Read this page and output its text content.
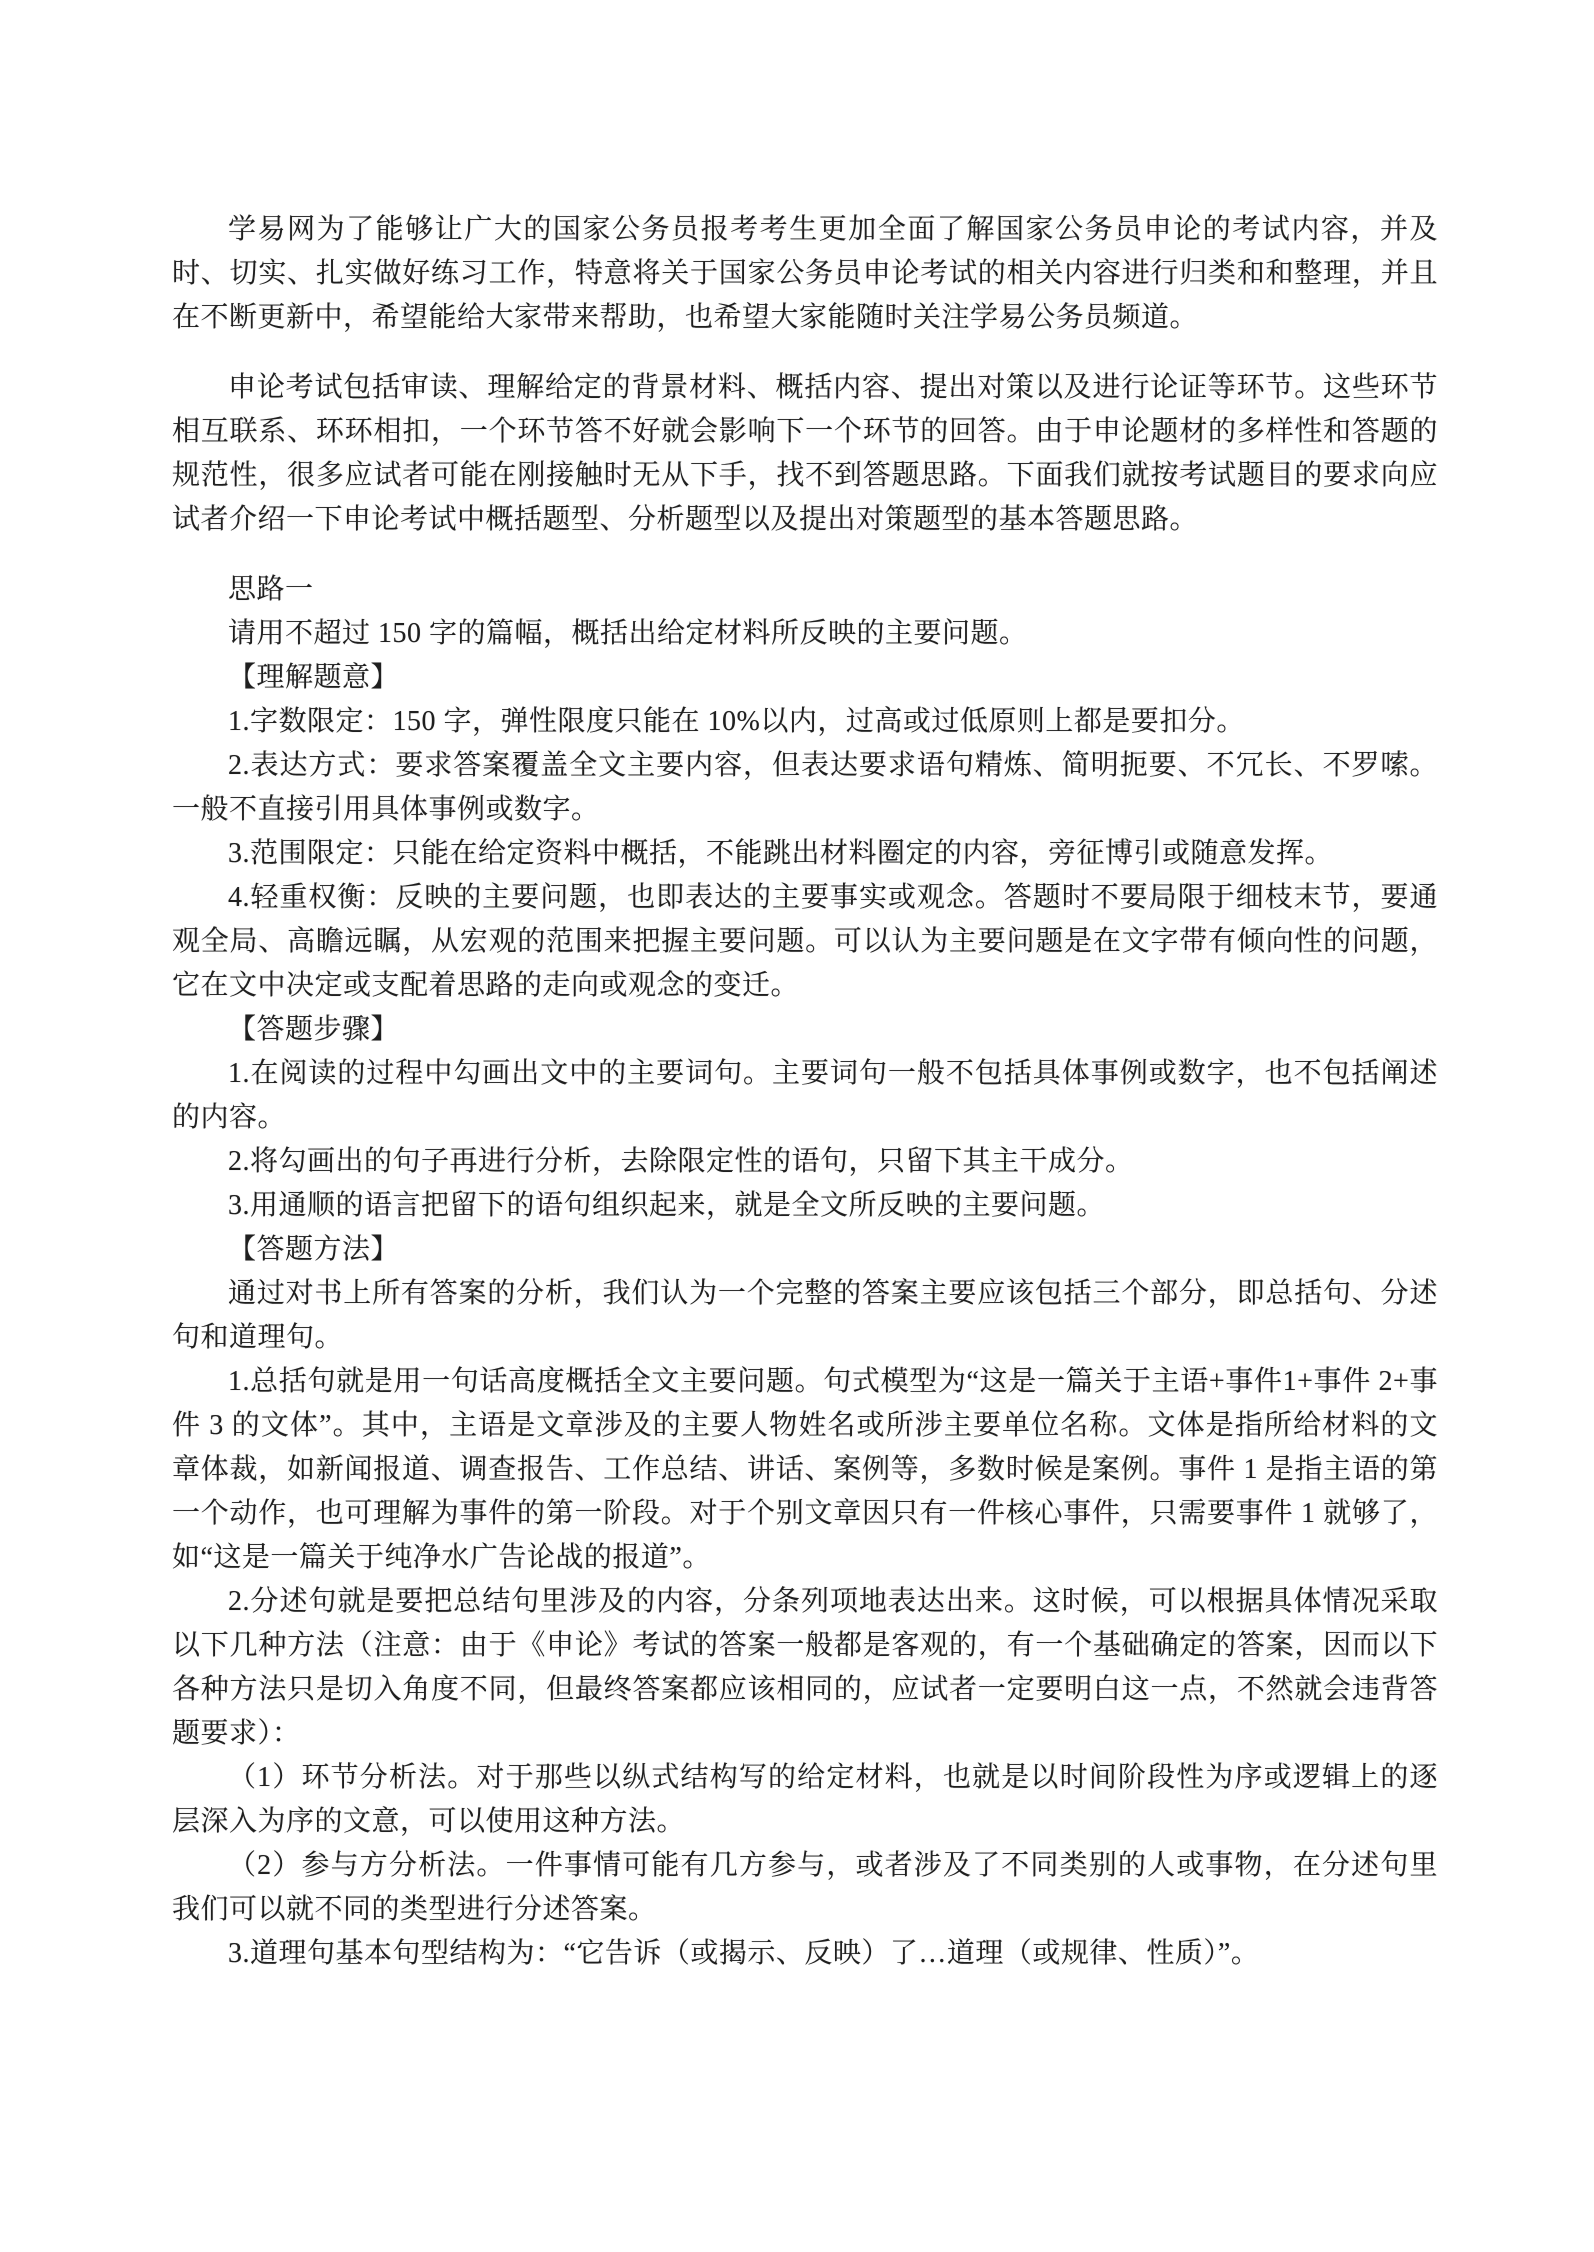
学易网为了能够让广大的国家公务员报考考生更加全面了解国家公务员申论的考试内容，并及时、切实、扎实做好练习工作，特意将关于国家公务员申论考试的相关内容进行归类和和整理，并且在不断更新中，希望能给大家带来帮助，也希望大家能随时关注学易公务员频道。

申论考试包括审读、理解给定的背景材料、概括内容、提出对策以及进行论证等环节。这些环节相互联系、环环相扣，一个环节答不好就会影响下一个环节的回答。由于申论题材的多样性和答题的规范性，很多应试者可能在刚接触时无从下手，找不到答题思路。下面我们就按考试题目的要求向应试者介绍一下申论考试中概括题型、分析题型以及提出对策题型的基本答题思路。

思路一

请用不超过 150 字的篇幅，概括出给定材料所反映的主要问题。

【理解题意】

1.字数限定：150 字，弹性限度只能在 10%以内，过高或过低原则上都是要扣分。

2.表达方式：要求答案覆盖全文主要内容，但表达要求语句精炼、简明扼要、不冗长、不罗嗦。一般不直接引用具体事例或数字。

3.范围限定：只能在给定资料中概括，不能跳出材料圈定的内容，旁征博引或随意发挥。

4.轻重权衡：反映的主要问题，也即表达的主要事实或观念。答题时不要局限于细枝末节，要通观全局、高瞻远瞩，从宏观的范围来把握主要问题。可以认为主要问题是在文字带有倾向性的问题，它在文中决定或支配着思路的走向或观念的变迁。

【答题步骤】

1.在阅读的过程中勾画出文中的主要词句。主要词句一般不包括具体事例或数字，也不包括阐述的内容。

2.将勾画出的句子再进行分析，去除限定性的语句，只留下其主干成分。

3.用通顺的语言把留下的语句组织起来，就是全文所反映的主要问题。

【答题方法】

通过对书上所有答案的分析，我们认为一个完整的答案主要应该包括三个部分，即总括句、分述句和道理句。

1.总括句就是用一句话高度概括全文主要问题。句式模型为“这是一篇关于主语+事件1+事件 2+事件 3 的文体”。其中，主语是文章涉及的主要人物姓名或所涉主要单位名称。文体是指所给材料的文章体裁，如新闻报道、调查报告、工作总结、讲话、案例等，多数时候是案例。事件 1 是指主语的第一个动作，也可理解为事件的第一阶段。对于个别文章因只有一件核心事件，只需要事件 1 就够了，如“这是一篇关于纯净水广告论战的报道”。

2.分述句就是要把总结句里涉及的内容，分条列项地表达出来。这时候，可以根据具体情况采取以下几种方法（注意：由于《申论》考试的答案一般都是客观的，有一个基础确定的答案，因而以下各种方法只是切入角度不同，但最终答案都应该相同的，应试者一定要明白这一点，不然就会违背答题要求）：

（1）环节分析法。对于那些以纵式结构写的给定材料，也就是以时间阶段性为序或逻辑上的逐层深入为序的文意，可以使用这种方法。

（2）参与方分析法。一件事情可能有几方参与，或者涉及了不同类别的人或事物，在分述句里我们可以就不同的类型进行分述答案。

3.道理句基本句型结构为：“它告诉（或揭示、反映）了…道理（或规律、性质）”。
